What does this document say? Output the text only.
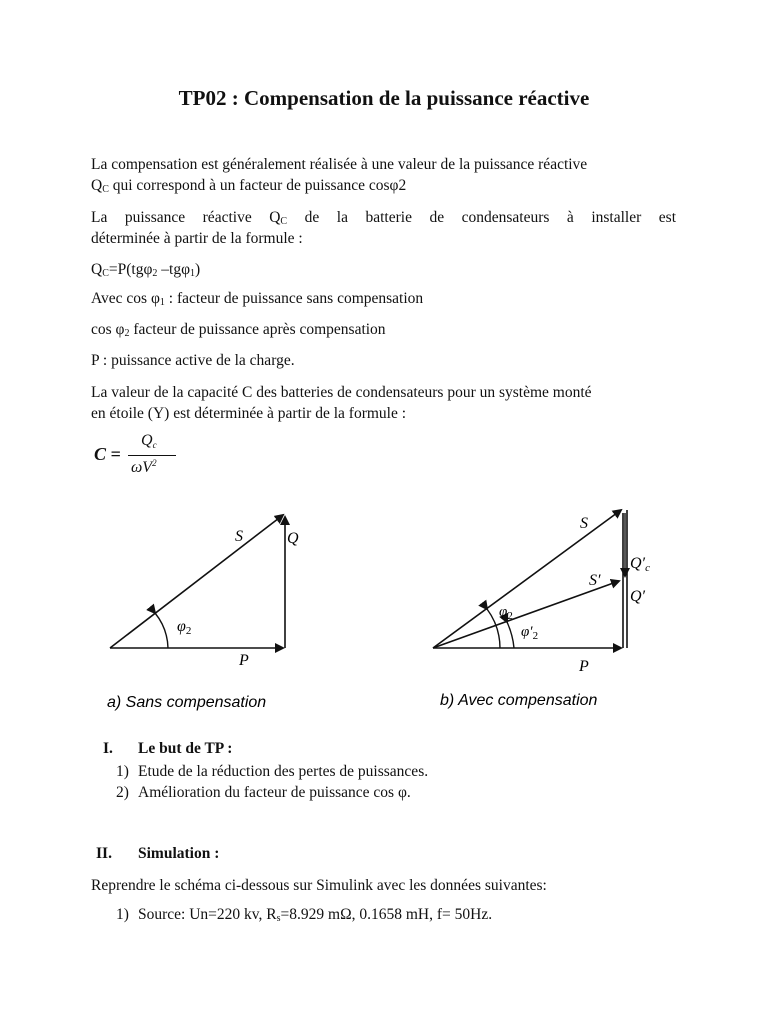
TP02 : Compensation de la puissance réactive
La compensation est généralement réalisée à une valeur de la puissance réactive
$Q_C$ qui correspond à un facteur de puissance cosφ2
La puissance réactive $Q_C$ de la batterie de condensateurs à installer est
déterminée à partir de la formule :
$Q_C=P(tg\varphi_2$ –tgφ$_1$)
Avec $\cos \varphi_1$ : facteur de puissance sans compensation
$\cos \varphi_2$ facteur de puissance après compensation
P : puissance active de la charge.
La valeur de la capacité C des batteries de condensateurs pour un système monté
en étoile (Y) est déterminée à partir de la formule :
C =
Qc
$\omega V^2$
S	Q
φ2
P
a) Sans compensation
S
S′
Q′c
Q′
$\varphi_2$
$\varphi'_2$
P
b) Avec compensation
I. Le but de TP :
1) Etude de la réduction des pertes de puissances.
2) Amélioration du facteur de puissance cos φ.
II. Simulation :
Reprendre le schéma ci-dessous sur Simulink avec les données suivantes:
1) Source: Un=220 kv, $R_s=8.929$ mΩ, 0.1658 mH, f= 50Hz.
